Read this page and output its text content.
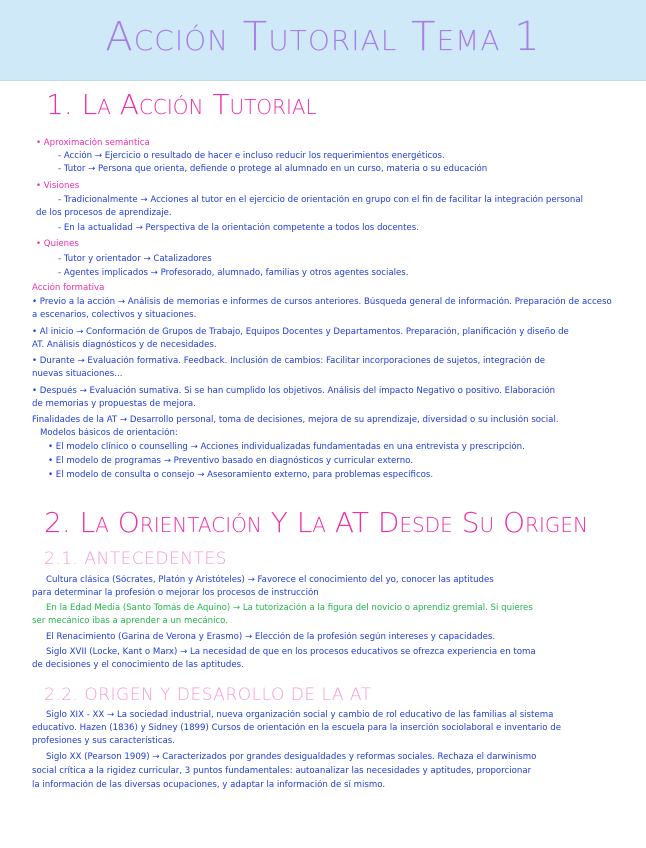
Acción Tutorial Tema 1
1. La Acción Tutorial
• Aproximación semántica
- Acción → Ejercicio o resultado de hacer e incluso reducir los requerimientos energéticos.
- Tutor → Persona que orienta, defiende o protege al alumnado en un curso, materia o su educación
• Visiones
- Tradicionalmente → Acciones al tutor en el ejercicio de orientación en grupo con el fin de facilitar la integración personal
de los procesos de aprendizaje.
- En la actualidad → Perspectiva de la orientación competente a todos los docentes.
• Quienes
- Tutor y orientador → Catalizadores
- Agentes implicados → Profesorado, alumnado, familias y otros agentes sociales.
Acción formativa
• Previo a la acción → Análisis de memorias e informes de cursos anteriores. Búsqueda general de información. Preparación de acceso
a escenarios, colectivos y situaciones.
• Al inicio → Conformación de Grupos de Trabajo, Equipos Docentes y Departamentos. Preparación, planificación y diseño de
AT. Análisis diagnósticos y de necesidades.
• Durante → Evaluación formativa. Feedback. Inclusión de cambios: Facilitar incorporaciones de sujetos, integración de
nuevas situaciones...
• Después → Evaluación sumativa. Si se han cumplido los objetivos. Análisis del impacto Negativo o positivo. Elaboración
de memorias y propuestas de mejora.
Finalidades de la AT → Desarrollo personal, toma de decisiones, mejora de su aprendizaje, diversidad o su inclusión social.
Modelos básicos de orientación:
• El modelo clínico o counselling → Acciones individualizadas fundamentadas en una entrevista y prescripción.
• El modelo de programas → Preventivo basado en diagnósticos y curricular externo.
• El modelo de consulta o consejo → Asesoramiento externo, para problemas específicos.
2. La Orientación Y La AT Desde Su Origen
2.1. ANTECEDENTES
Cultura clásica (Sócrates, Platón y Aristóteles) → Favorece el conocimiento del yo, conocer las aptitudes
para determinar la profesión o mejorar los procesos de instrucción
En la Edad Media (Santo Tomás de Aquino) → La tutorización a la figura del novicio o aprendiz gremial. Si quieres
ser mecánico ibas a aprender a un mecánico.
El Renacimiento (Garina de Verona y Erasmo) → Elección de la profesión según intereses y capacidades.
Siglo XVII (Locke, Kant o Marx) → La necesidad de que en los procesos educativos se ofrezca experiencia en toma
de decisiones y el conocimiento de las aptitudes.
2.2. ORIGEN Y DESAROLLO DE LA AT
Siglo XIX - XX → La sociedad industrial, nueva organización social y cambio de rol educativo de las familias al sistema
educativo. Hazen (1836) y Sidney (1899) Cursos de orientación en la escuela para la inserción sociolaboral e inventario de
profesiones y sus características.
Siglo XX (Pearson 1909) → Caracterizados por grandes desigualdades y reformas sociales. Rechaza el darwinismo
social crítica a la rigidez curricular, 3 puntos fundamentales: autoanalizar las necesidades y aptitudes, proporcionar
la información de las diversas ocupaciones, y adaptar la información de sí mismo.
